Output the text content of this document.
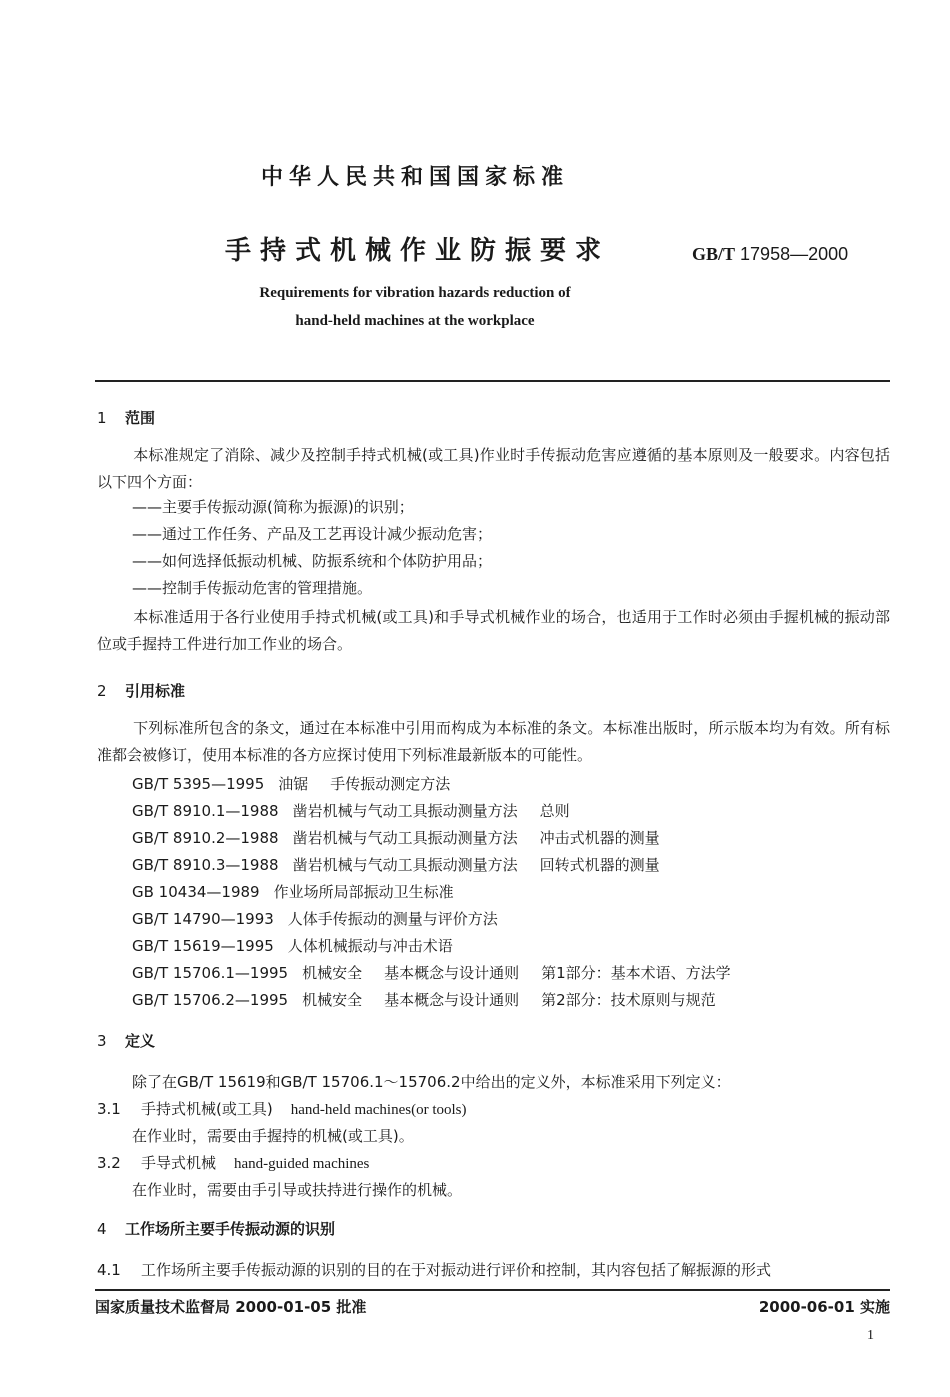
中华人民共和国国家标准
手持式机械作业防振要求	GB/T 17958—2000
Requirements for vibration hazards reduction of
hand-held machines at the workplace
1 范围
本标准规定了消除、减少及控制手持式机械(或工具)作业时手传振动危害应遵循的基本原则及一般要求。内容包括以下四个方面：
——主要手传振动源(简称为振源)的识别；
——通过工作任务、产品及工艺再设计减少振动危害；
——如何选择低振动机械、防振系统和个体防护用品；
——控制手传振动危害的管理措施。
本标准适用于各行业使用手持式机械(或工具)和手导式机械作业的场合，也适用于工作时必须由手握机械的振动部位或手握持工件进行加工作业的场合。
2 引用标准
下列标准所包含的条文，通过在本标准中引用而构成为本标准的条文。本标准出版时，所示版本均为有效。所有标准都会被修订，使用本标准的各方应探讨使用下列标准最新版本的可能性。
GB/T 5395—1995 油锯 手传振动测定方法
GB/T 8910.1—1988 凿岩机械与气动工具振动测量方法 总则
GB/T 8910.2—1988 凿岩机械与气动工具振动测量方法 冲击式机器的测量
GB/T 8910.3—1988 凿岩机械与气动工具振动测量方法 回转式机器的测量
GB 10434—1989 作业场所局部振动卫生标准
GB/T 14790—1993 人体手传振动的测量与评价方法
GB/T 15619—1995 人体机械振动与冲击术语
GB/T 15706.1—1995 机械安全 基本概念与设计通则 第1部分：基本术语、方法学
GB/T 15706.2—1995 机械安全 基本概念与设计通则 第2部分：技术原则与规范
3 定义
除了在GB/T 15619和GB/T 15706.1～15706.2中给出的定义外，本标准采用下列定义：
3.1 手持式机械(或工具) hand-held machines(or tools)
在作业时，需要由手握持的机械(或工具)。
3.2 手导式机械 hand-guided machines
在作业时，需要由手引导或扶持进行操作的机械。
4 工作场所主要手传振动源的识别
4.1 工作场所主要手传振动源的识别的目的在于对振动进行评价和控制，其内容包括了解振源的形式
国家质量技术监督局 2000-01-05 批准	2000-06-01 实施
1
